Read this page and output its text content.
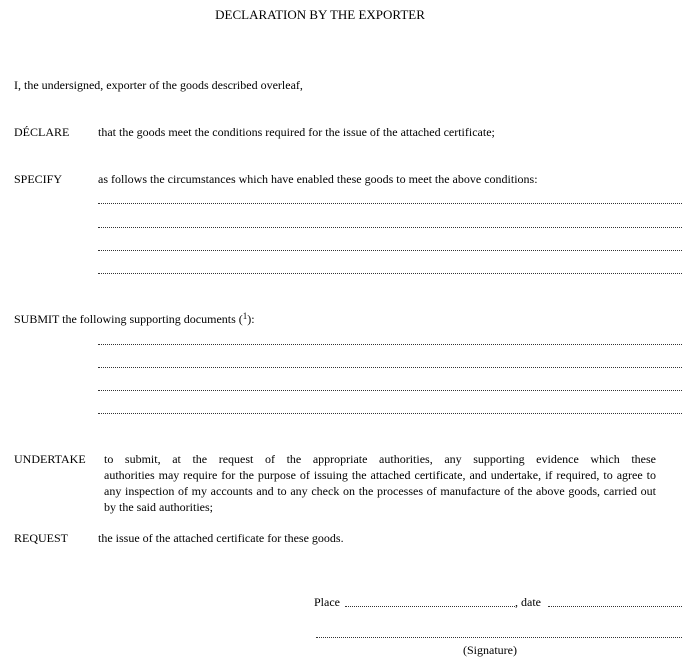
DECLARATION BY THE EXPORTER
I, the undersigned, exporter of the goods described overleaf,
DÉCLARE that the goods meet the conditions required for the issue of the attached certificate;
SPECIFY	as follows the circumstances which have enabled these goods to meet the above conditions:
SUBMIT the following supporting documents ($^1$):
UNDERTAKE to submit, at the request of the appropriate authorities, any supporting evidence which these
authorities may require for the purpose of issuing the attached certificate, and undertake, if required, to agree to any inspection of my accounts and to any check on the processes of manufacture of the above goods, carried out by the said authorities;
REQUEST	the issue of the attached certificate for these goods.
Place	, date
(Signature)
